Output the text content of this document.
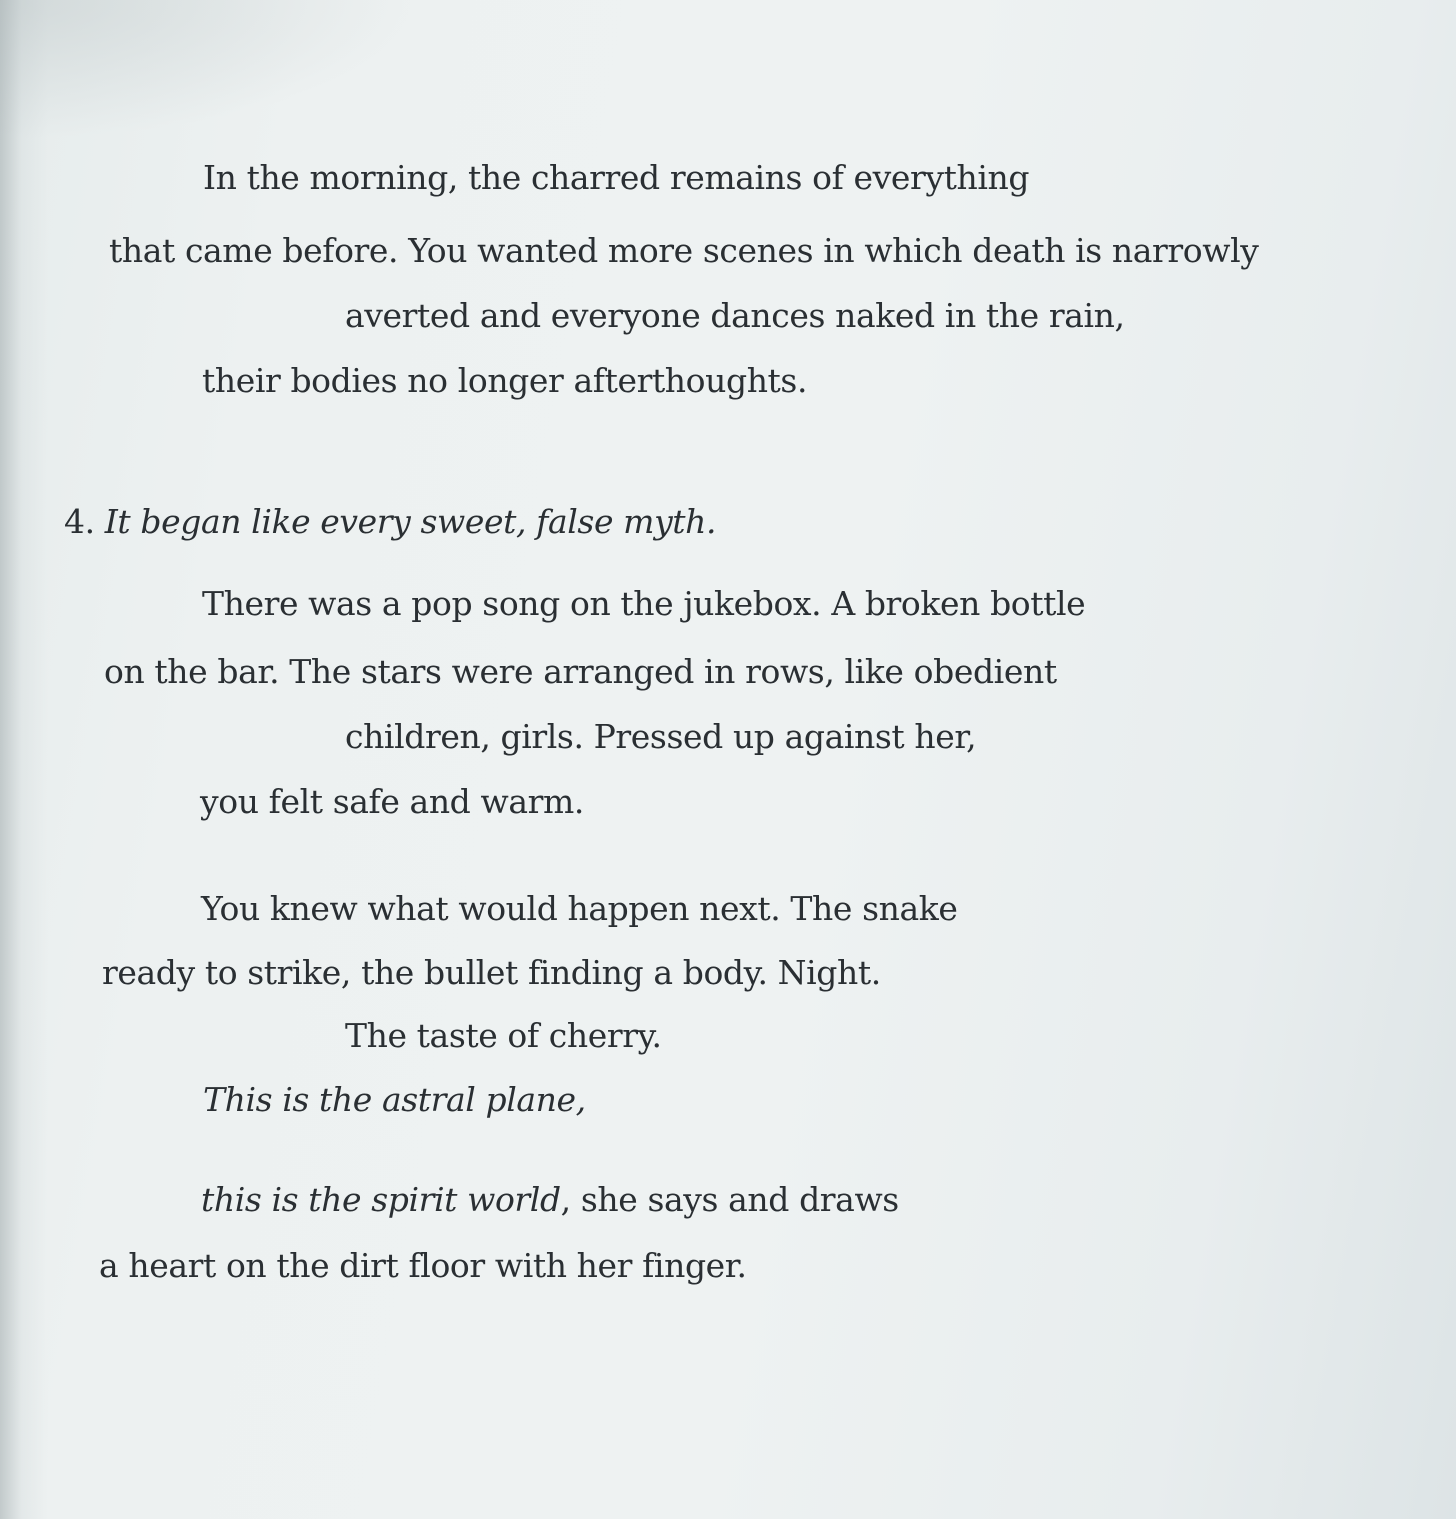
In the morning, the charred remains of everything

that came before. You wanted more scenes in which death is narrowly

averted and everyone dances naked in the rain,

their bodies no longer afterthoughts.

4. It began like every sweet, false myth.

There was a pop song on the jukebox. A broken bottle

on the bar. The stars were arranged in rows, like obedient

children, girls. Pressed up against her,

you felt safe and warm.

You knew what would happen next. The snake

ready to strike, the bullet finding a body. Night.

The taste of cherry.

This is the astral plane,

this is the spirit world, she says and draws

a heart on the dirt floor with her finger.
